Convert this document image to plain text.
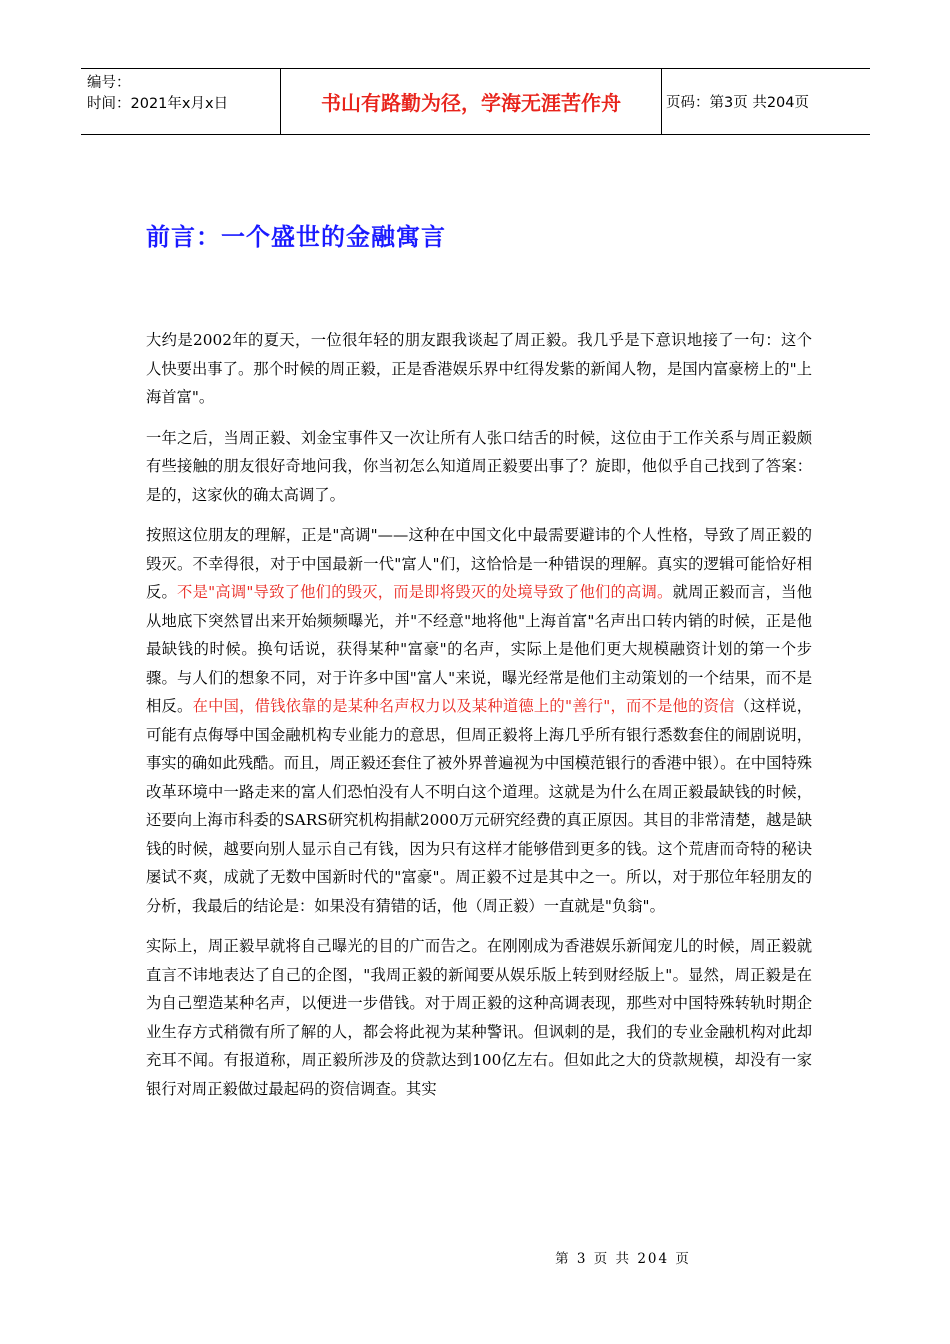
编号：
时间：2021年x月x日	书山有路勤为径，学海无涯苦作舟	页码：第3页 共204页
前言：一个盛世的金融寓言

大约是2002年的夏天，一位很年轻的朋友跟我谈起了周正毅。我几乎是下意识地接了一句：这个人快要出事了。那个时候的周正毅，正是香港娱乐界中红得发紫的新闻人物，是国内富豪榜上的"上海首富"。

一年之后，当周正毅、刘金宝事件又一次让所有人张口结舌的时候，这位由于工作关系与周正毅颇有些接触的朋友很好奇地问我，你当初怎么知道周正毅要出事了？旋即，他似乎自己找到了答案：是的，这家伙的确太高调了。

按照这位朋友的理解，正是"高调"——这种在中国文化中最需要避讳的个人性格，导致了周正毅的毁灭。不幸得很，对于中国最新一代"富人"们，这恰恰是一种错误的理解。真实的逻辑可能恰好相反。不是"高调"导致了他们的毁灭，而是即将毁灭的处境导致了他们的高调。就周正毅而言，当他从地底下突然冒出来开始频频曝光，并"不经意"地将他"上海首富"名声出口转内销的时候，正是他最缺钱的时候。换句话说，获得某种"富豪"的名声，实际上是他们更大规模融资计划的第一个步骤。与人们的想象不同，对于许多中国"富人"来说，曝光经常是他们主动策划的一个结果，而不是相反。在中国，借钱依靠的是某种名声权力以及某种道德上的"善行"，而不是他的资信（这样说，可能有点侮辱中国金融机构专业能力的意思，但周正毅将上海几乎所有银行悉数套住的闹剧说明，事实的确如此残酷。而且，周正毅还套住了被外界普遍视为中国模范银行的香港中银）。在中国特殊改革环境中一路走来的富人们恐怕没有人不明白这个道理。这就是为什么在周正毅最缺钱的时候，还要向上海市科委的SARS研究机构捐献2000万元研究经费的真正原因。其目的非常清楚，越是缺钱的时候，越要向别人显示自己有钱，因为只有这样才能够借到更多的钱。这个荒唐而奇特的秘诀屡试不爽，成就了无数中国新时代的"富豪"。周正毅不过是其中之一。所以，对于那位年轻朋友的分析，我最后的结论是：如果没有猜错的话，他（周正毅）一直就是"负翁"。

实际上，周正毅早就将自己曝光的目的广而告之。在刚刚成为香港娱乐新闻宠儿的时候，周正毅就直言不讳地表达了自己的企图，"我周正毅的新闻要从娱乐版上转到财经版上"。显然，周正毅是在为自己塑造某种名声，以便进一步借钱。对于周正毅的这种高调表现，那些对中国特殊转轨时期企业生存方式稍微有所了解的人，都会将此视为某种警讯。但讽刺的是，我们的专业金融机构对此却充耳不闻。有报道称，周正毅所涉及的贷款达到100亿左右。但如此之大的贷款规模，却没有一家银行对周正毅做过最起码的资信调查。其实

第 3 页 共 204 页
